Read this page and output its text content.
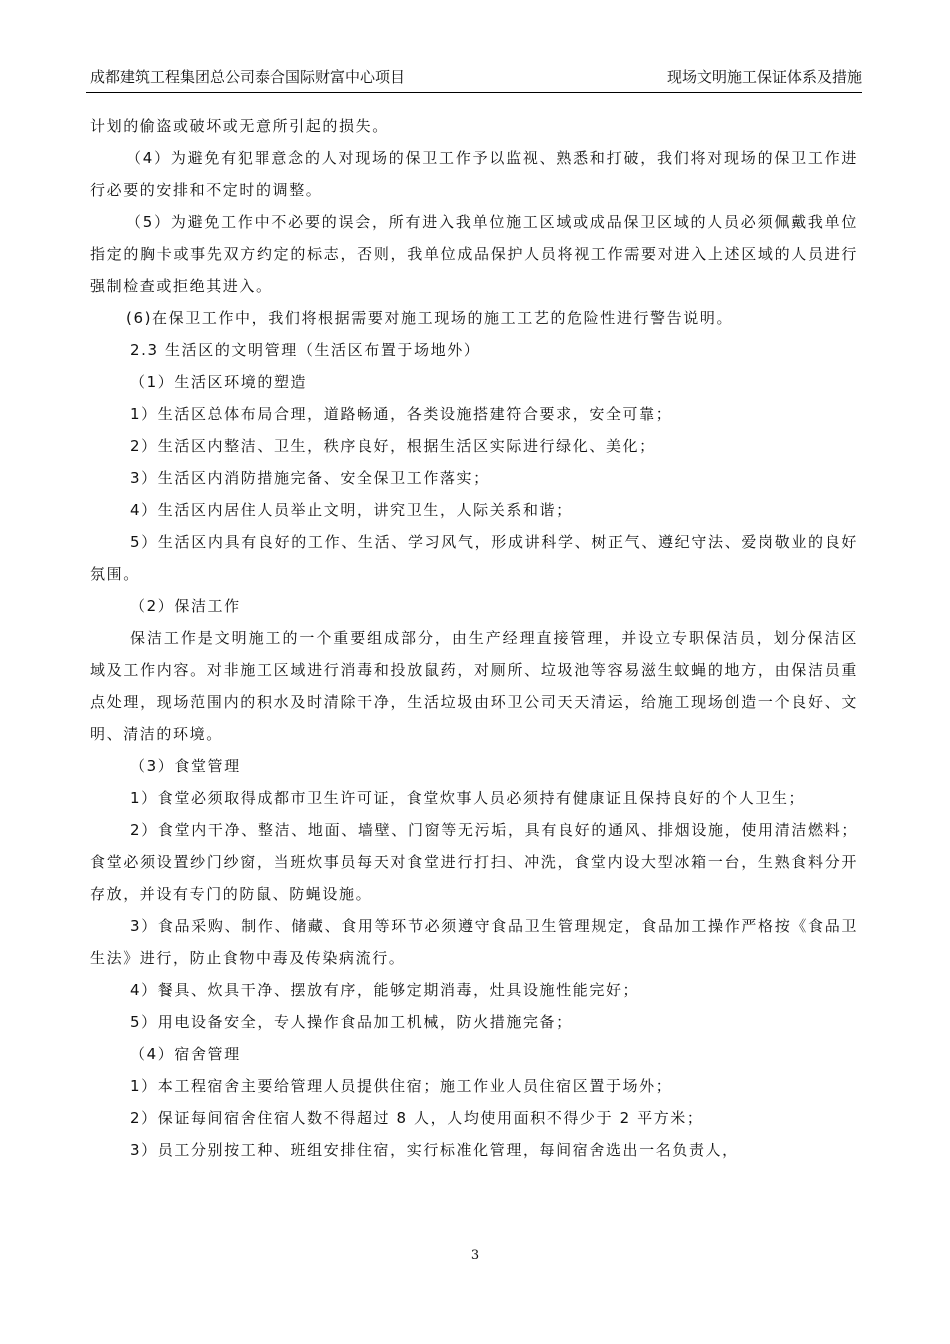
成都建筑工程集团总公司泰合国际财富中心项目	现场文明施工保证体系及措施

计划的偷盗或破坏或无意所引起的损失。

（4）为避免有犯罪意念的人对现场的保卫工作予以监视、熟悉和打破，我们将对现场的保卫工作进行必要的安排和不定时的调整。

（5）为避免工作中不必要的误会，所有进入我单位施工区域或成品保卫区域的人员必须佩戴我单位指定的胸卡或事先双方约定的标志，否则，我单位成品保护人员将视工作需要对进入上述区域的人员进行强制检查或拒绝其进入。

(6)在保卫工作中，我们将根据需要对施工现场的施工工艺的危险性进行警告说明。

2.3 生活区的文明管理（生活区布置于场地外）

（1）生活区环境的塑造

1）生活区总体布局合理，道路畅通，各类设施搭建符合要求，安全可靠；

2）生活区内整洁、卫生，秩序良好，根据生活区实际进行绿化、美化；

3）生活区内消防措施完备、安全保卫工作落实；

4）生活区内居住人员举止文明，讲究卫生，人际关系和谐；

5）生活区内具有良好的工作、生活、学习风气，形成讲科学、树正气、遵纪守法、爱岗敬业的良好氛围。

（2）保洁工作

保洁工作是文明施工的一个重要组成部分，由生产经理直接管理，并设立专职保洁员，划分保洁区域及工作内容。对非施工区域进行消毒和投放鼠药，对厕所、垃圾池等容易滋生蚊蝇的地方，由保洁员重点处理，现场范围内的积水及时清除干净，生活垃圾由环卫公司天天清运，给施工现场创造一个良好、文明、清洁的环境。

（3）食堂管理

1）食堂必须取得成都市卫生许可证，食堂炊事人员必须持有健康证且保持良好的个人卫生；

2）食堂内干净、整洁、地面、墙壁、门窗等无污垢，具有良好的通风、排烟设施，使用清洁燃料；食堂必须设置纱门纱窗，当班炊事员每天对食堂进行打扫、冲洗，食堂内设大型冰箱一台，生熟食料分开存放，并设有专门的防鼠、防蝇设施。

3）食品采购、制作、储藏、食用等环节必须遵守食品卫生管理规定，食品加工操作严格按《食品卫生法》进行，防止食物中毒及传染病流行。

4）餐具、炊具干净、摆放有序，能够定期消毒，灶具设施性能完好；

5）用电设备安全，专人操作食品加工机械，防火措施完备；

（4）宿舍管理

1）本工程宿舍主要给管理人员提供住宿；施工作业人员住宿区置于场外；

2）保证每间宿舍住宿人数不得超过 8 人，人均使用面积不得少于 2 平方米；

3）员工分别按工种、班组安排住宿，实行标准化管理，每间宿舍选出一名负责人，

3
